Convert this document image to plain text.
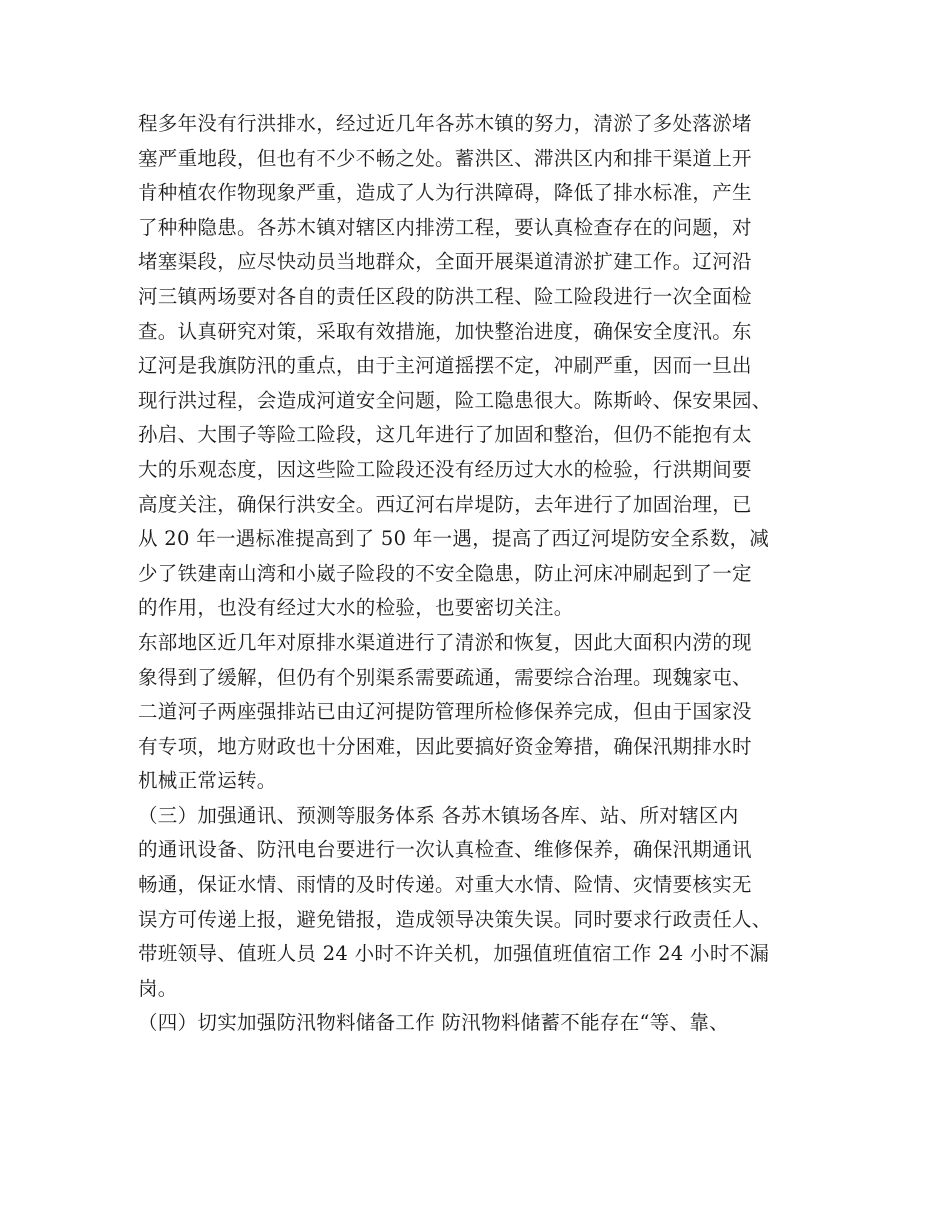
程多年没有行洪排水，经过近几年各苏木镇的努力，清淤了多处落淤堵
塞严重地段，但也有不少不畅之处。蓄洪区、滞洪区内和排干渠道上开
肯种植农作物现象严重，造成了人为行洪障碍，降低了排水标准，产生
了种种隐患。各苏木镇对辖区内排涝工程，要认真检查存在的问题，对
堵塞渠段，应尽快动员当地群众，全面开展渠道清淤扩建工作。辽河沿
河三镇两场要对各自的责任区段的防洪工程、险工险段进行一次全面检
查。认真研究对策，采取有效措施，加快整治进度，确保安全度汛。东
辽河是我旗防汛的重点，由于主河道摇摆不定，冲刷严重，因而一旦出
现行洪过程，会造成河道安全问题，险工隐患很大。陈斯岭、保安果园、
孙启、大围子等险工险段，这几年进行了加固和整治，但仍不能抱有太
大的乐观态度，因这些险工险段还没有经历过大水的检验，行洪期间要
高度关注，确保行洪安全。西辽河右岸堤防，去年进行了加固治理，已
从 20 年一遇标准提高到了 50 年一遇，提高了西辽河堤防安全系数，减
少了铁建南山湾和小崴子险段的不安全隐患，防止河床冲刷起到了一定
的作用，也没有经过大水的检验，也要密切关注。
东部地区近几年对原排水渠道进行了清淤和恢复，因此大面积内涝的现
象得到了缓解，但仍有个别渠系需要疏通，需要综合治理。现魏家屯、
二道河子两座强排站已由辽河提防管理所检修保养完成，但由于国家没
有专项，地方财政也十分困难，因此要搞好资金筹措，确保汛期排水时
机械正常运转。
（三）加强通讯、预测等服务体系 各苏木镇场各库、站、所对辖区内
的通讯设备、防汛电台要进行一次认真检查、维修保养，确保汛期通讯
畅通，保证水情、雨情的及时传递。对重大水情、险情、灾情要核实无
误方可传递上报，避免错报，造成领导决策失误。同时要求行政责任人、
带班领导、值班人员 24 小时不许关机，加强值班值宿工作 24 小时不漏
岗。
（四）切实加强防汛物料储备工作 防汛物料储蓄不能存在“等、靠、
